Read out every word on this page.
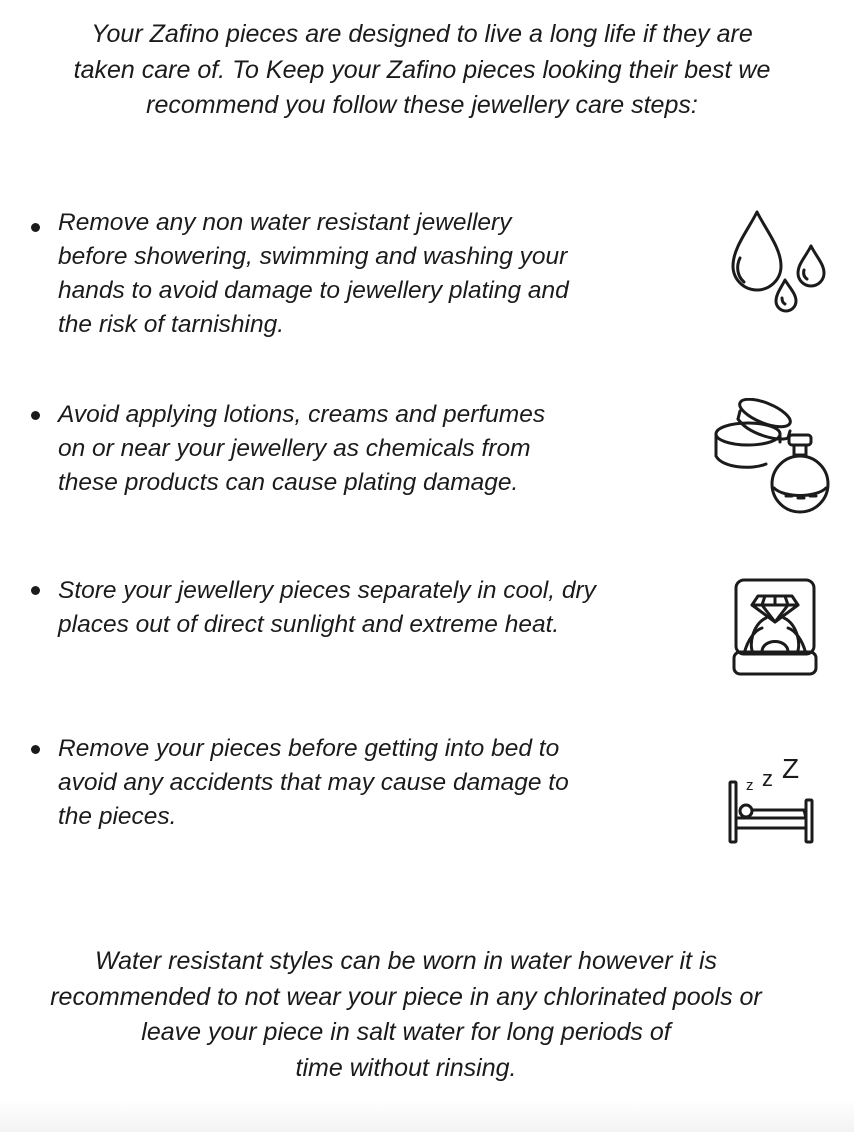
Your Zafino pieces are designed to live a long life if they are
taken care of. To Keep your Zafino pieces looking their best we
recommend you follow these jewellery care steps:

Remove any non water resistant jewellery
before showering, swimming and washing your
hands to avoid damage to jewellery plating and
the risk of tarnishing.

Avoid applying lotions, creams and perfumes
on or near your jewellery as chemicals from
these products can cause plating damage.

Store your jewellery pieces separately in cool, dry
places out of direct sunlight and extreme heat.

Remove your pieces before getting into bed to
avoid any accidents that may cause damage to
the pieces.

z z Z

Water resistant styles can be worn in water however it is
recommended to not wear your piece in any chlorinated pools or
leave your piece in salt water for long periods of
time without rinsing.
